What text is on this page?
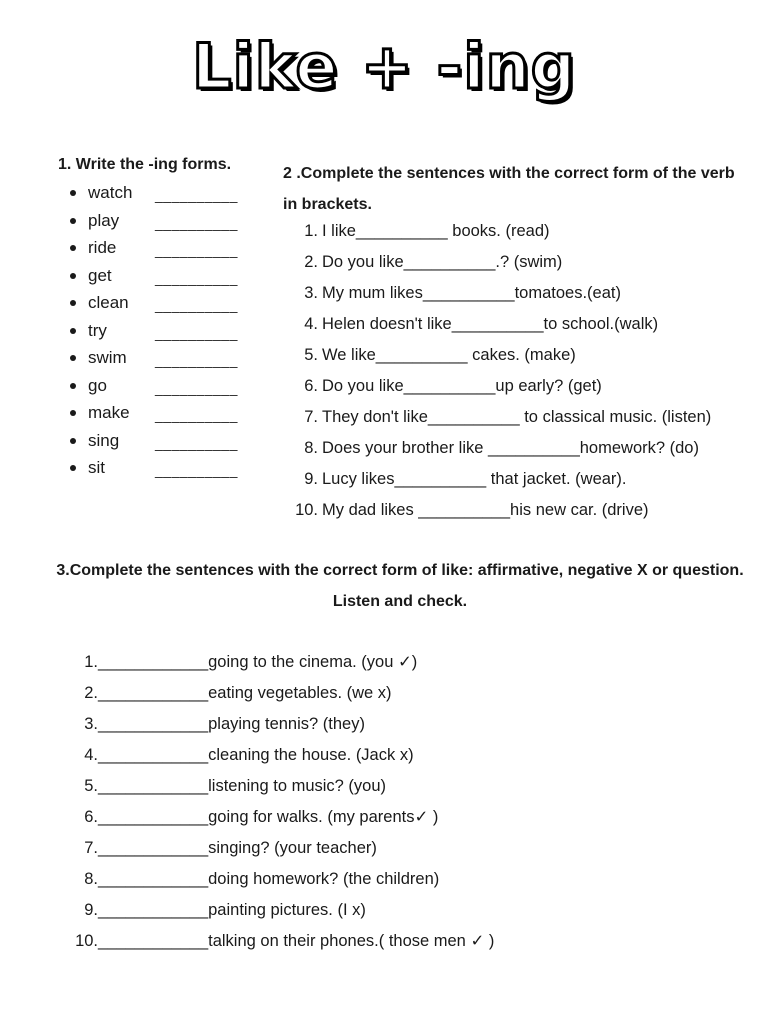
Like + -ing
1. Write the -ing forms.
watch __________
play	__________
ride	__________
get	__________
clean __________
try	__________
swim __________
go	__________
make __________
sing	__________
sit	__________
2 .Complete the sentences with the correct form of the verb in brackets.
1. I like__________ books. (read)
2. Do you like__________.? (swim)
3. My mum likes__________tomatoes.(eat)
4. Helen doesn't like__________to school.(walk)
5. We like__________ cakes. (make)
6. Do you like__________up early? (get)
7. They don't like__________ to classical music. (listen)
8. Does your brother like __________homework? (do)
9. Lucy likes__________ that jacket. (wear).
10. My dad likes __________his new car. (drive)
3.Complete the sentences with the correct form of like: affirmative, negative X or question. Listen and check.
1.____________going to the cinema. (you ✓)
2.____________eating vegetables. (we x)
3.____________playing tennis? (they)
4.____________cleaning the house. (Jack x)
5.____________listening to music? (you)
6.____________going for walks. (my parents✓ )
7.____________singing? (your teacher)
8.____________doing homework? (the children)
9.____________painting pictures. (I x)
10.____________talking on their phones.( those men ✓ )
